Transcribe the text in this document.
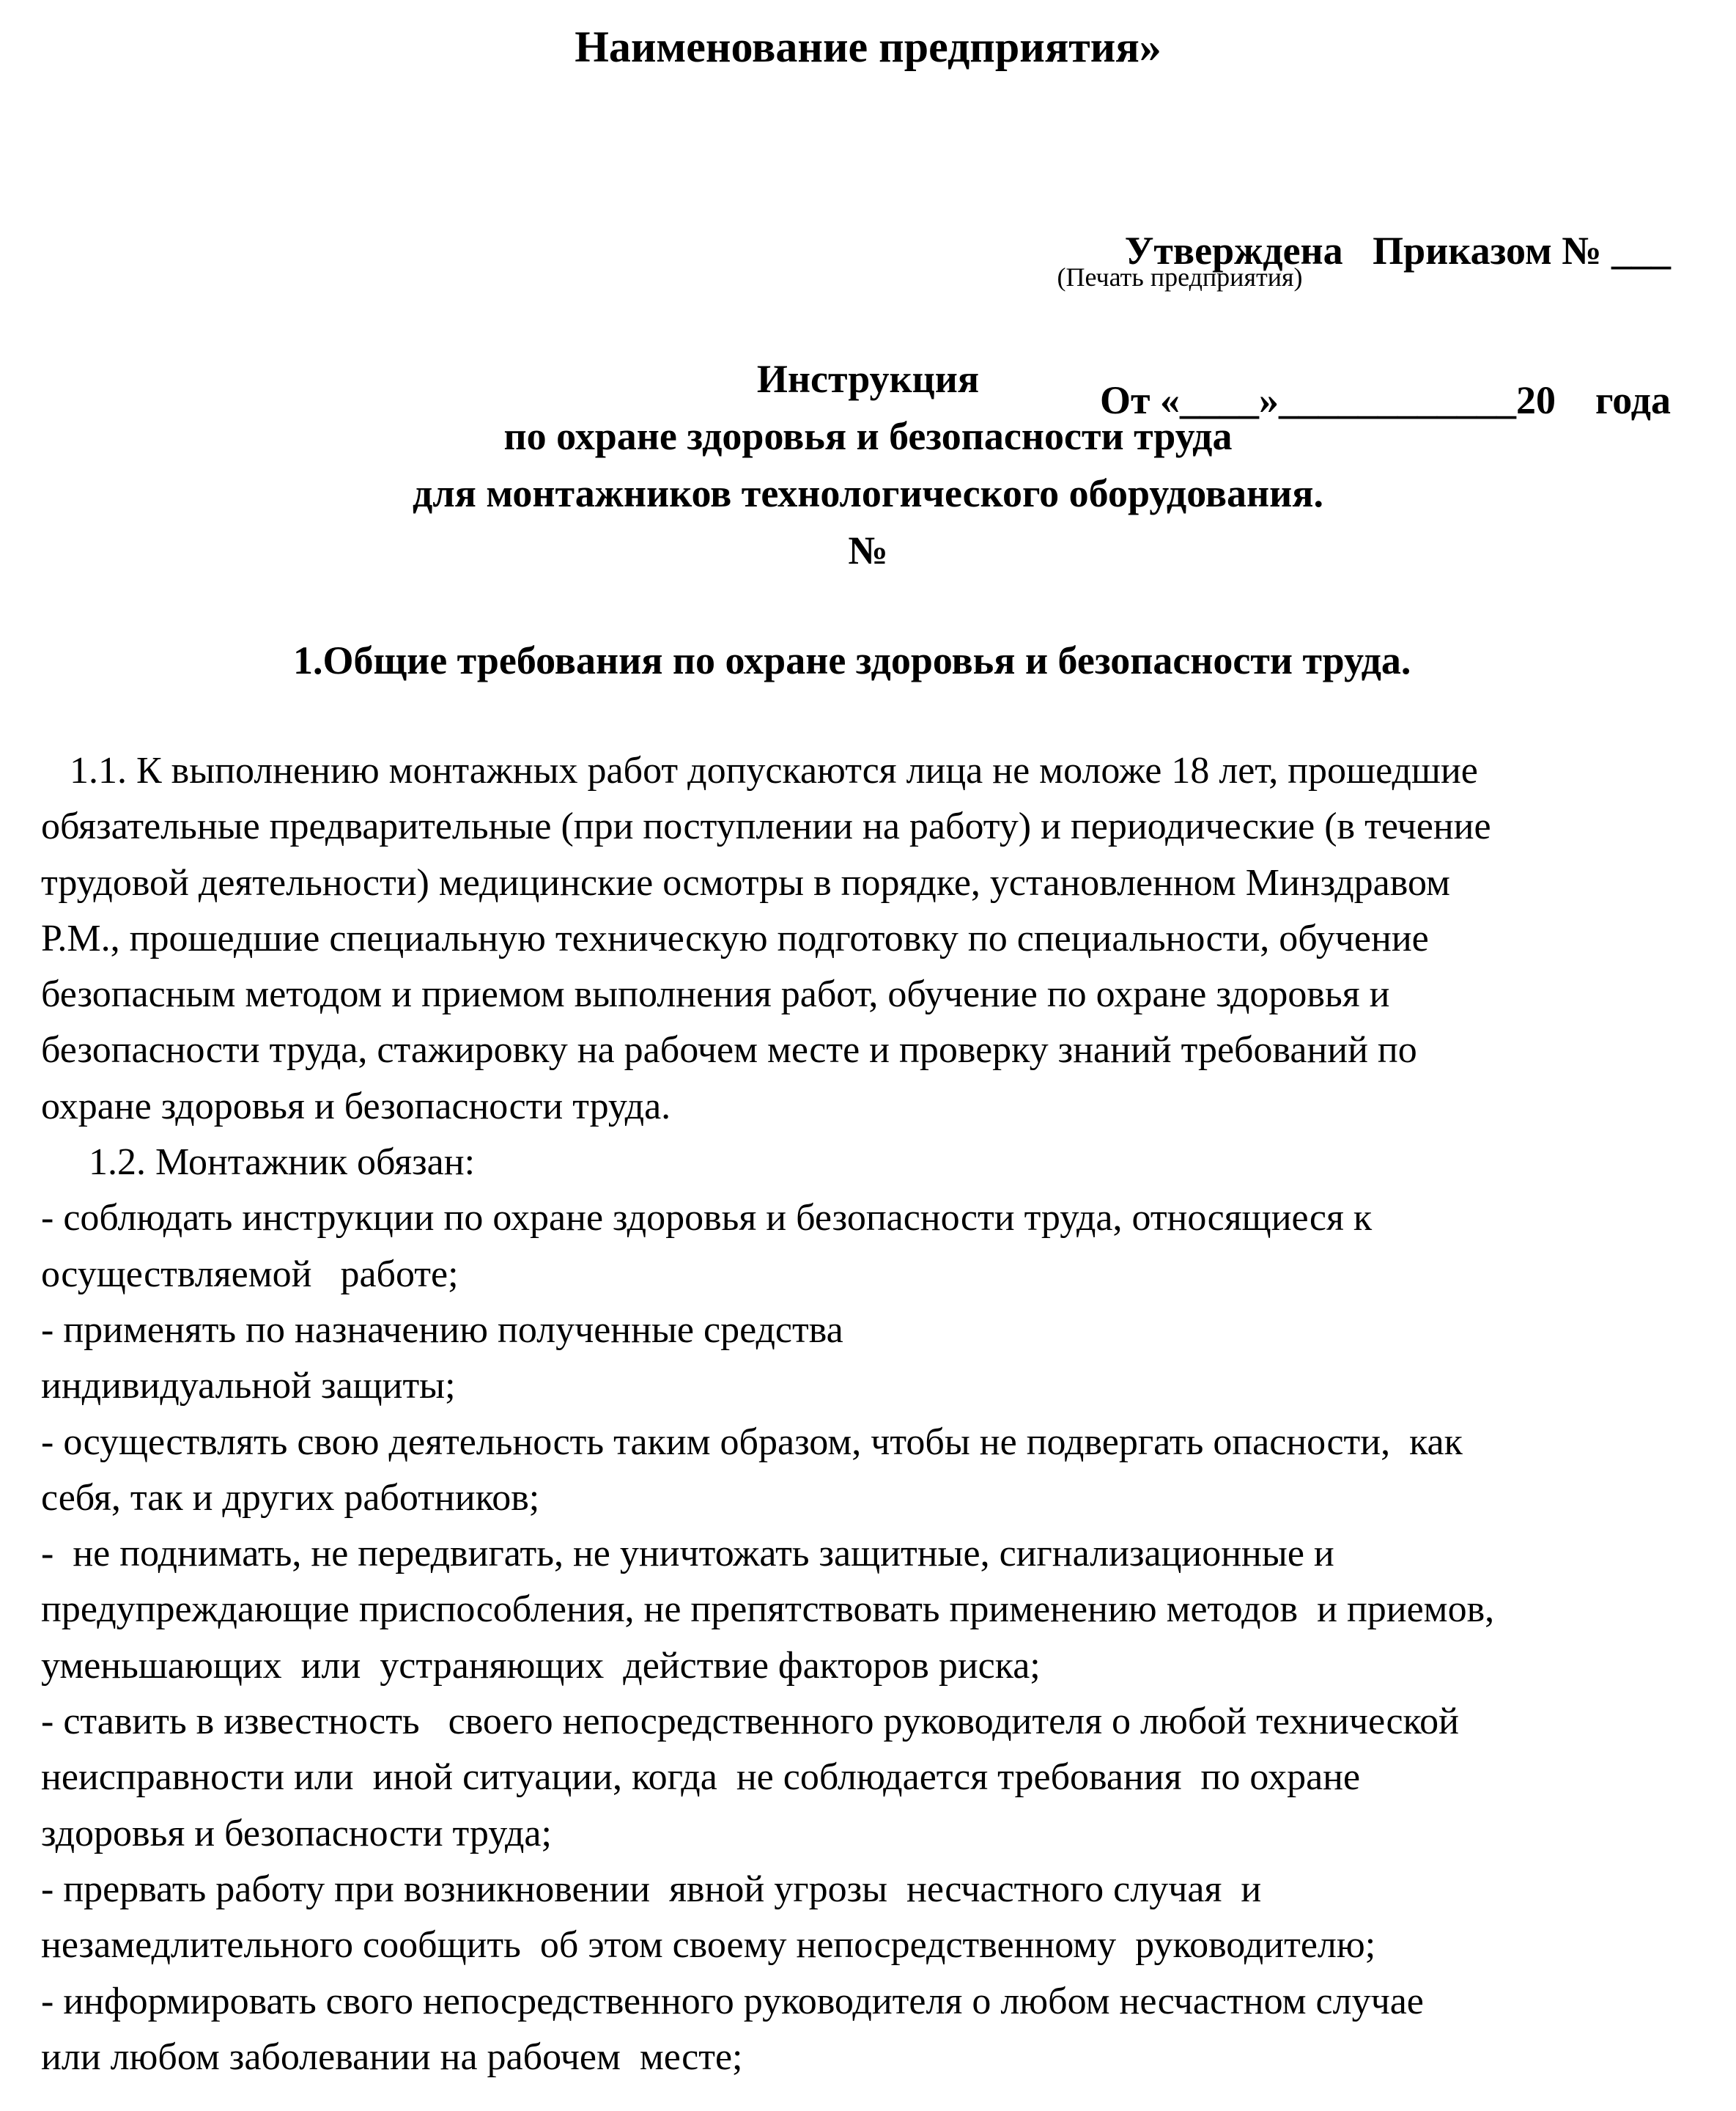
Наименование предприятия»

Утверждена   Приказом № ___

От «____»____________20    года

(Печать предприятия)
Инструкция
по охране здоровья и безопасности труда
для монтажников технологического оборудования.
№
1.Общие требования по охране здоровья и безопасности труда.
1.1. К выполнению монтажных работ допускаются лица не моложе 18 лет, прошедшие
обязательные предварительные (при поступлении на работу) и периодические (в течение
трудовой деятельности) медицинские осмотры в порядке, установленном Минздравом
Р.М., прошедшие специальную техническую подготовку по специальности, обучение
безопасным методом и приемом выполнения работ, обучение по охране здоровья и
безопасности труда, стажировку на рабочем месте и проверку знаний требований по
охране здоровья и безопасности труда.
1.2. Монтажник обязан:
- соблюдать инструкции по охране здоровья и безопасности труда, относящиеся к
осуществляемой   работе;
- применять по назначению полученные средства
индивидуальной защиты;
- осуществлять свою деятельность таким образом, чтобы не подвергать опасности,  как
себя, так и других работников;
-  не поднимать, не передвигать, не уничтожать защитные, сигнализационные и
предупреждающие приспособления, не препятствовать применению методов  и приемов,
уменьшающих  или  устраняющих  действие факторов риска;
- ставить в известность   своего непосредственного руководителя о любой технической
неисправности или  иной ситуации, когда  не соблюдается требования  по охране
здоровья и безопасности труда;
- прервать работу при возникновении  явной угрозы  несчастного случая  и
незамедлительного сообщить  об этом своему непосредственному  руководителю;
- информировать свого непосредственного руководителя о любом несчастном случае
или любом заболевании на рабочем  месте;
